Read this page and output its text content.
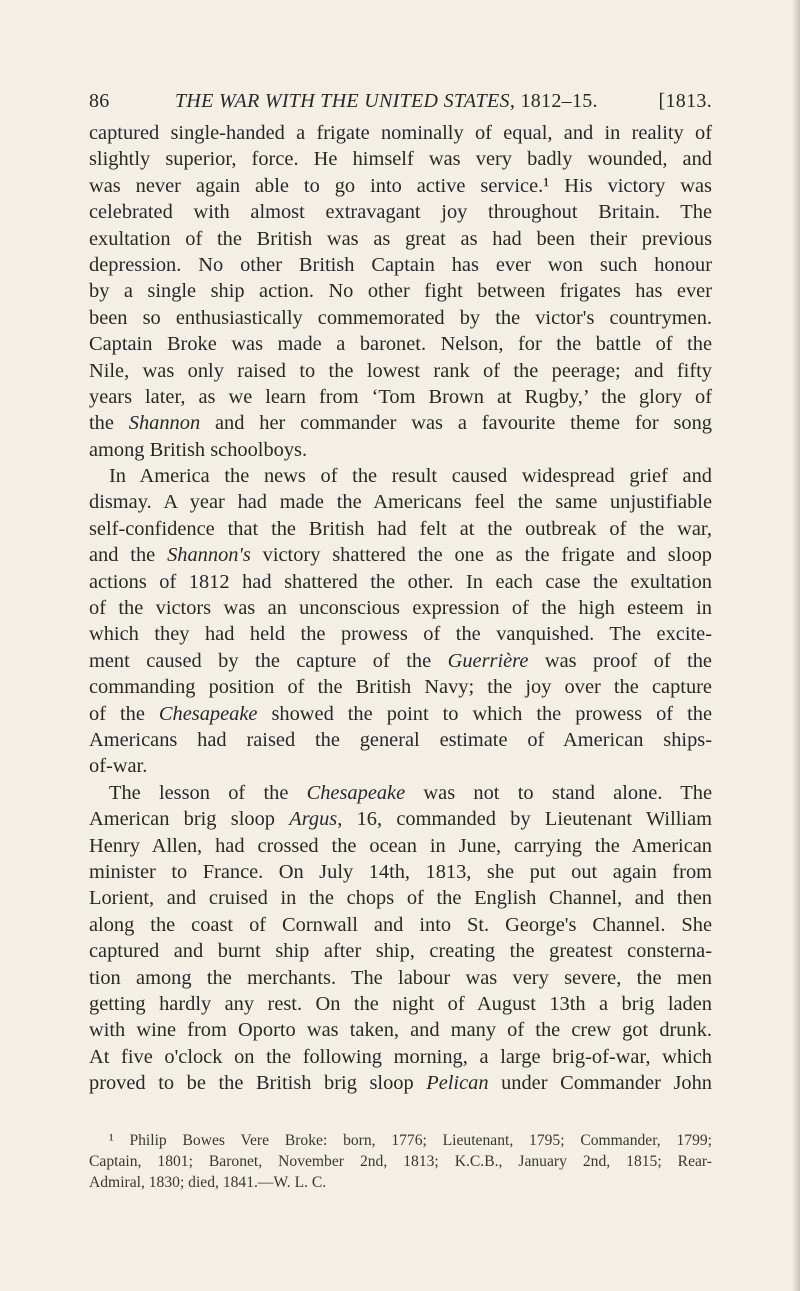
86	THE WAR WITH THE UNITED STATES, 1812–15.	[1813.
captured single-handed a frigate nominally of equal, and in reality of
slightly superior, force. He himself was very badly wounded, and
was never again able to go into active service.¹ His victory was
celebrated with almost extravagant joy throughout Britain. The
exultation of the British was as great as had been their previous
depression. No other British Captain has ever won such honour
by a single ship action. No other fight between frigates has ever
been so enthusiastically commemorated by the victor's countrymen.
Captain Broke was made a baronet. Nelson, for the battle of the
Nile, was only raised to the lowest rank of the peerage; and fifty
years later, as we learn from ‘Tom Brown at Rugby,’ the glory of
the Shannon and her commander was a favourite theme for song
among British schoolboys.
In America the news of the result caused widespread grief and
dismay. A year had made the Americans feel the same unjustifiable
self-confidence that the British had felt at the outbreak of the war,
and the Shannon's victory shattered the one as the frigate and sloop
actions of 1812 had shattered the other. In each case the exultation
of the victors was an unconscious expression of the high esteem in
which they had held the prowess of the vanquished. The excite-
ment caused by the capture of the Guerrière was proof of the
commanding position of the British Navy; the joy over the capture
of the Chesapeake showed the point to which the prowess of the
Americans had raised the general estimate of American ships-
of-war.
The lesson of the Chesapeake was not to stand alone. The
American brig sloop Argus, 16, commanded by Lieutenant William
Henry Allen, had crossed the ocean in June, carrying the American
minister to France. On July 14th, 1813, she put out again from
Lorient, and cruised in the chops of the English Channel, and then
along the coast of Cornwall and into St. George's Channel. She
captured and burnt ship after ship, creating the greatest consterna-
tion among the merchants. The labour was very severe, the men
getting hardly any rest. On the night of August 13th a brig laden
with wine from Oporto was taken, and many of the crew got drunk.
At five o'clock on the following morning, a large brig-of-war, which
proved to be the British brig sloop Pelican under Commander John
¹ Philip Bowes Vere Broke: born, 1776; Lieutenant, 1795; Commander, 1799;
Captain, 1801; Baronet, November 2nd, 1813; K.C.B., January 2nd, 1815; Rear-
Admiral, 1830; died, 1841.—W. L. C.
